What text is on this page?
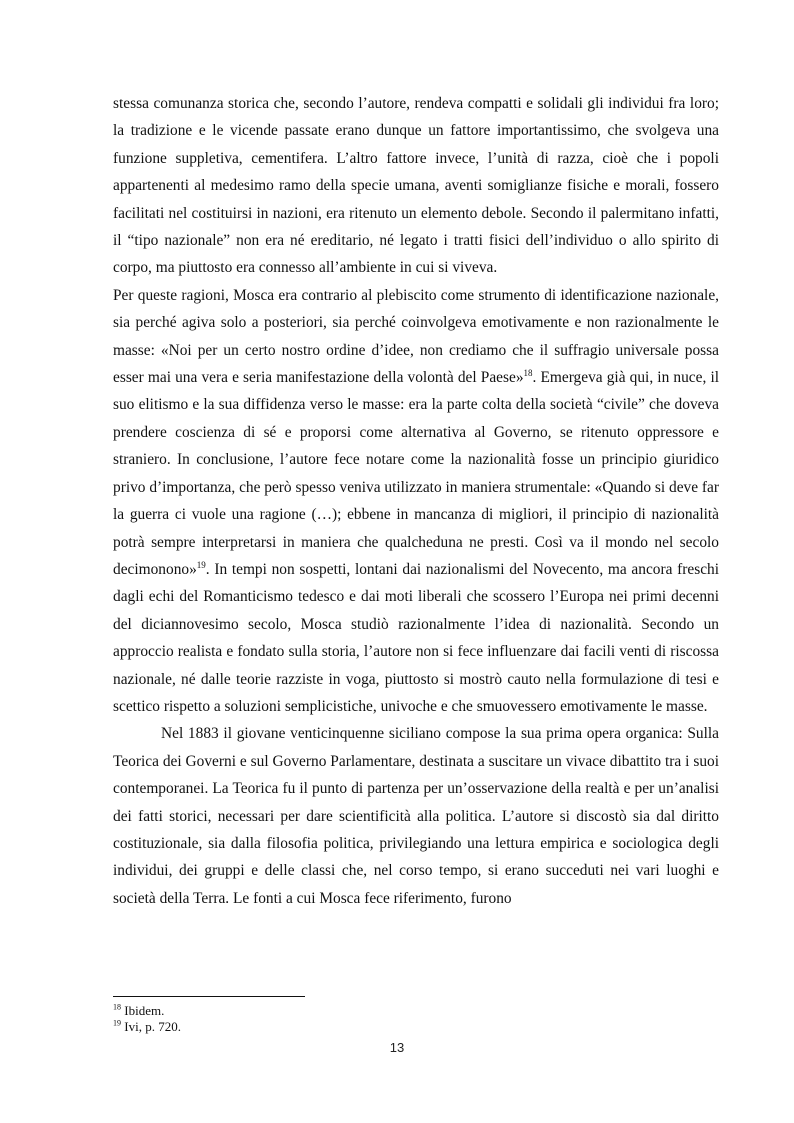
stessa comunanza storica che, secondo l’autore, rendeva compatti e solidali gli individui fra loro; la tradizione e le vicende passate erano dunque un fattore importantissimo, che svolgeva una funzione suppletiva, cementifera. L’altro fattore invece, l’unità di razza, cioè che i popoli appartenenti al medesimo ramo della specie umana, aventi somiglianze fisiche e morali, fossero facilitati nel costituirsi in nazioni, era ritenuto un elemento debole. Secondo il palermitano infatti, il “tipo nazionale” non era né ereditario, né legato i tratti fisici dell’individuo o allo spirito di corpo, ma piuttosto era connesso all’ambiente in cui si viveva.

Per queste ragioni, Mosca era contrario al plebiscito come strumento di identificazione nazionale, sia perché agiva solo a posteriori, sia perché coinvolgeva emotivamente e non razionalmente le masse: «Noi per un certo nostro ordine d’idee, non crediamo che il suffragio universale possa esser mai una vera e seria manifestazione della volontà del Paese»$^{18}$. Emergeva già qui, in nuce, il suo elitismo e la sua diffidenza verso le masse: era la parte colta della società “civile” che doveva prendere coscienza di sé e proporsi come alternativa al Governo, se ritenuto oppressore e straniero. In conclusione, l’autore fece notare come la nazionalità fosse un principio giuridico privo d’importanza, che però spesso veniva utilizzato in maniera strumentale: «Quando si deve far la guerra ci vuole una ragione (…); ebbene in mancanza di migliori, il principio di nazionalità potrà sempre interpretarsi in maniera che qualcheduna ne presti. Così va il mondo nel secolo decimonono»$^{19}$. In tempi non sospetti, lontani dai nazionalismi del Novecento, ma ancora freschi dagli echi del Romanticismo tedesco e dai moti liberali che scossero l’Europa nei primi decenni del diciannovesimo secolo, Mosca studiò razionalmente l’idea di nazionalità. Secondo un approccio realista e fondato sulla storia, l’autore non si fece influenzare dai facili venti di riscossa nazionale, né dalle teorie razziste in voga, piuttosto si mostrò cauto nella formulazione di tesi e scettico rispetto a soluzioni semplicistiche, univoche e che smuovessero emotivamente le masse.

Nel 1883 il giovane venticinquenne siciliano compose la sua prima opera organica: Sulla Teorica dei Governi e sul Governo Parlamentare, destinata a suscitare un vivace dibattito tra i suoi contemporanei. La Teorica fu il punto di partenza per un’osservazione della realtà e per un’analisi dei fatti storici, necessari per dare scientificità alla politica. L’autore si discostò sia dal diritto costituzionale, sia dalla filosofia politica, privilegiando una lettura empirica e sociologica degli individui, dei gruppi e delle classi che, nel corso tempo, si erano succeduti nei vari luoghi e società della Terra. Le fonti a cui Mosca fece riferimento, furono

$^{18}$ Ibidem.
$^{19}$ Ivi, p. 720.
13
